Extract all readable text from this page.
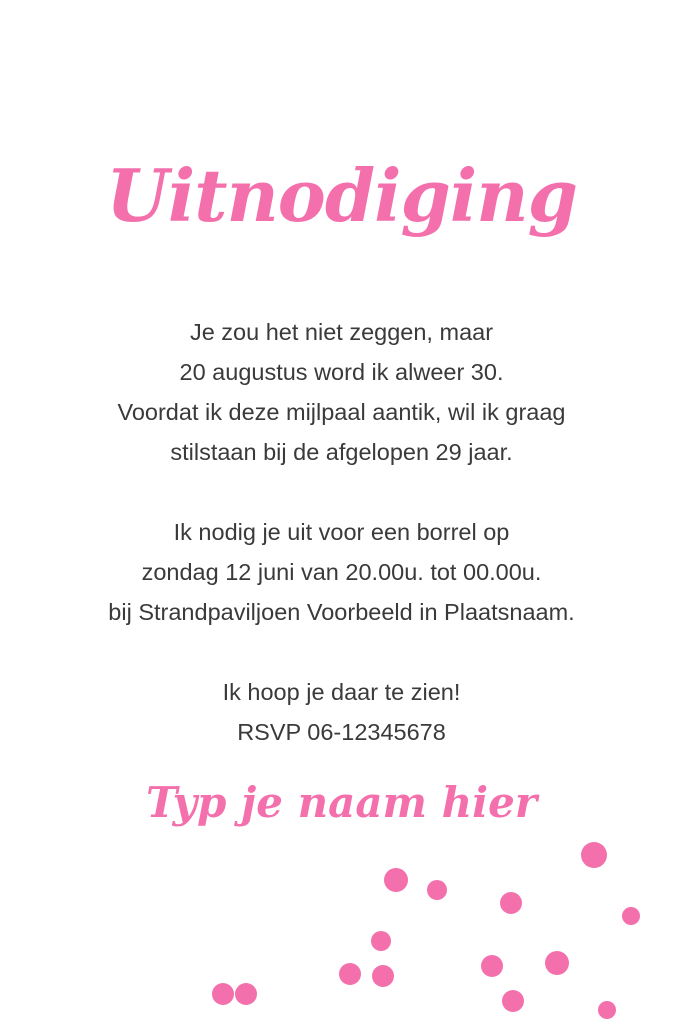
Uitnodiging

Je zou het niet zeggen, maar
20 augustus word ik alweer 30.
Voordat ik deze mijlpaal aantik, wil ik graag
stilstaan bij de afgelopen 29 jaar.

Ik nodig je uit voor een borrel op
zondag 12 juni van 20.00u. tot 00.00u.
bij Strandpaviljoen Voorbeeld in Plaatsnaam.

Ik hoop je daar te zien!
RSVP 06-12345678

Typ je naam hier
